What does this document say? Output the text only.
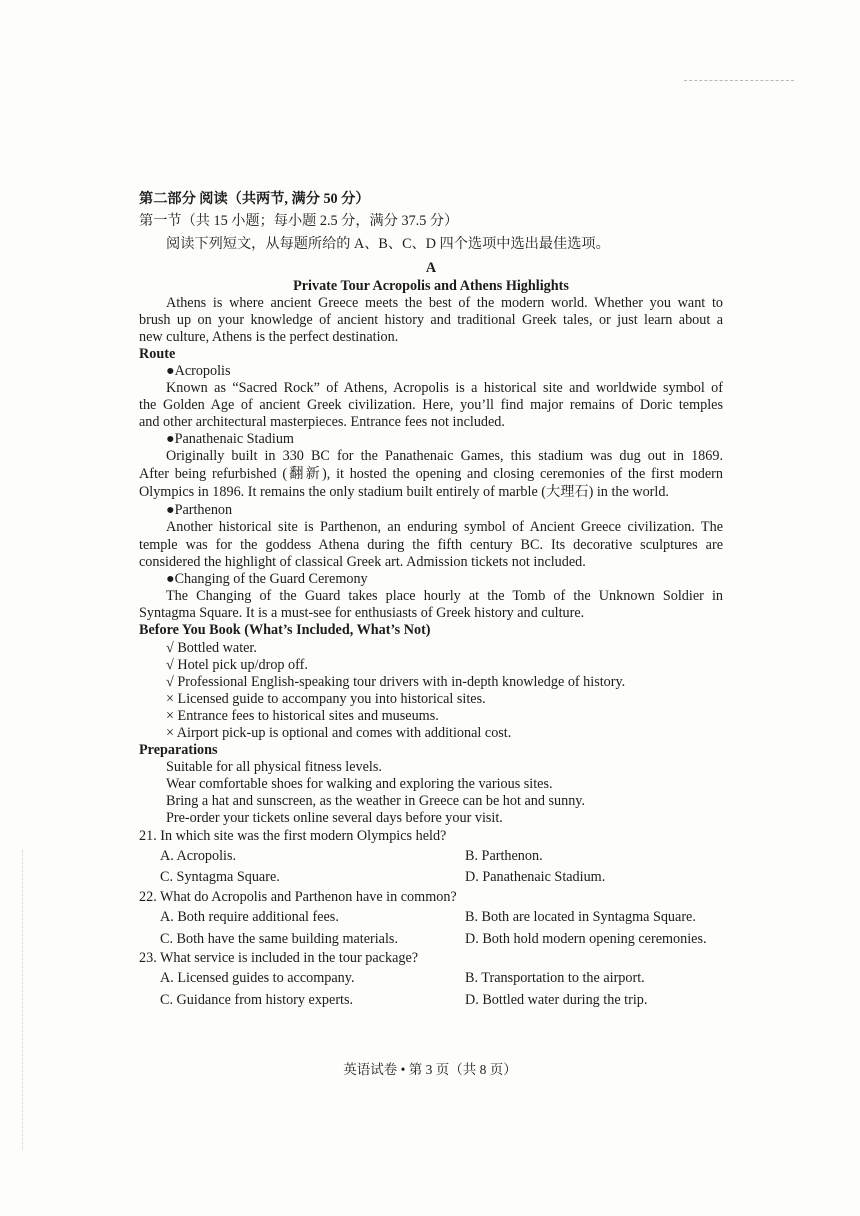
第二部分 阅读（共两节, 满分 50 分）
第一节（共 15 小题；每小题 2.5 分，满分 37.5 分）
阅读下列短文，从每题所给的 A、B、C、D 四个选项中选出最佳选项。
A
Private Tour Acropolis and Athens Highlights
Athens is where ancient Greece meets the best of the modern world. Whether you want to
brush up on your knowledge of ancient history and traditional Greek tales, or just learn about a
new culture, Athens is the perfect destination.
Route
●Acropolis
Known as “Sacred Rock” of Athens, Acropolis is a historical site and worldwide symbol of
the Golden Age of ancient Greek civilization. Here, you’ll find major remains of Doric temples
and other architectural masterpieces. Entrance fees not included.
●Panathenaic Stadium
Originally built in 330 BC for the Panathenaic Games, this stadium was dug out in 1869.
After being refurbished (翻新), it hosted the opening and closing ceremonies of the first modern
Olympics in 1896. It remains the only stadium built entirely of marble (大理石) in the world.
●Parthenon
Another historical site is Parthenon, an enduring symbol of Ancient Greece civilization. The
temple was for the goddess Athena during the fifth century BC. Its decorative sculptures are
considered the highlight of classical Greek art. Admission tickets not included.
●Changing of the Guard Ceremony
The Changing of the Guard takes place hourly at the Tomb of the Unknown Soldier in
Syntagma Square. It is a must-see for enthusiasts of Greek history and culture.
Before You Book (What’s Included, What’s Not)
√ Bottled water.
√ Hotel pick up/drop off.
√ Professional English-speaking tour drivers with in-depth knowledge of history.
× Licensed guide to accompany you into historical sites.
× Entrance fees to historical sites and museums.
× Airport pick-up is optional and comes with additional cost.
Preparations
Suitable for all physical fitness levels.
Wear comfortable shoes for walking and exploring the various sites.
Bring a hat and sunscreen, as the weather in Greece can be hot and sunny.
Pre-order your tickets online several days before your visit.
21. In which site was the first modern Olympics held?
A. Acropolis.	B. Parthenon.
C. Syntagma Square.	D. Panathenaic Stadium.
22. What do Acropolis and Parthenon have in common?
A. Both require additional fees.	B. Both are located in Syntagma Square.
C. Both have the same building materials.	D. Both hold modern opening ceremonies.
23. What service is included in the tour package?
A. Licensed guides to accompany.	B. Transportation to the airport.
C. Guidance from history experts.	D. Bottled water during the trip.
英语试卷 • 第 3 页（共 8 页）
